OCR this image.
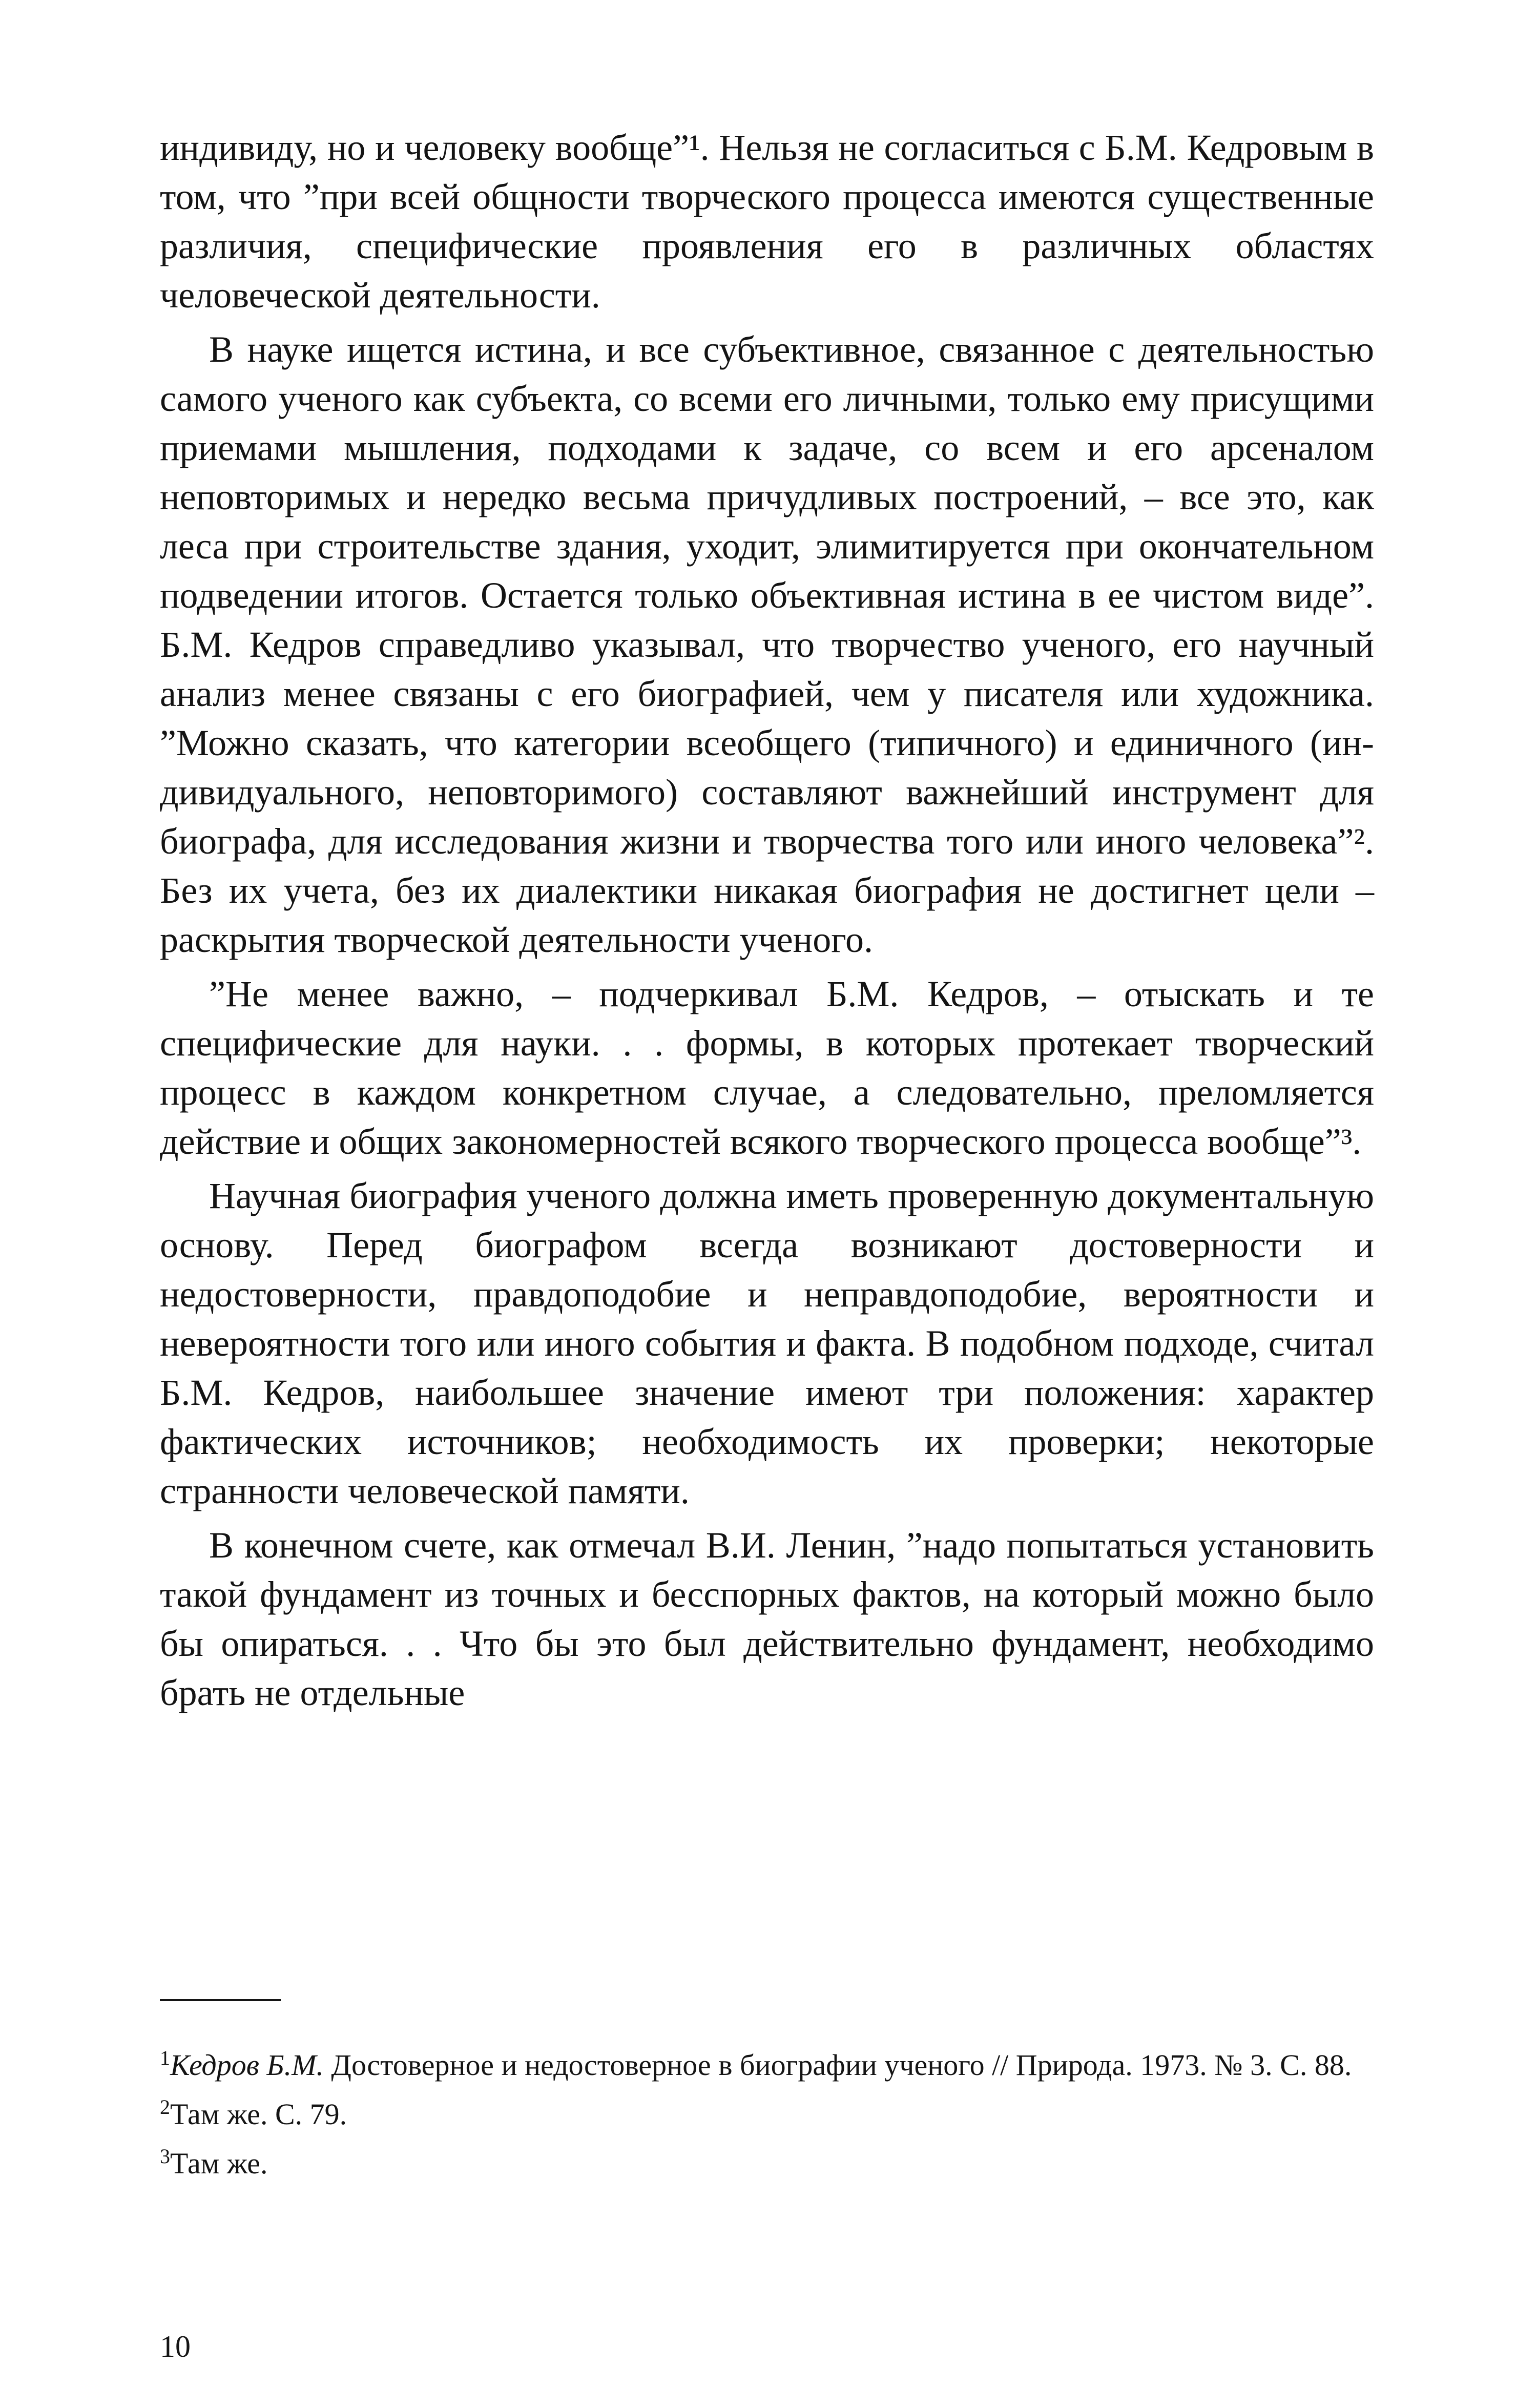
индивиду, но и человеку вообще”¹. Нельзя не согласиться с Б.М. Кедровым в том, что ”при всей общности творческого процесса имеются существенные различия, специфические проявления его в различных областях человеческой деятельности.

В науке ищется истина, и все субъективное, связанное с деятельностью самого ученого как субъекта, со всеми его личными, только ему присущими приемами мышления, подходами к задаче, со всем и его арсеналом неповторимых и нередко весьма причудливых построений, – все это, как леса при строительстве здания, уходит, элимитируется при окончательном подведении итогов. Остается только объективная истина в ее чистом виде”. Б.М. Кедров справедливо указывал, что творчество ученого, его научный анализ менее связаны с его биографией, чем у писателя или художника. ”Можно сказать, что категории всеобщего (типичного) и единичного (индивидуального, неповторимого) составляют важнейший инструмент для биографа, для исследования жизни и творчества того или иного человека”². Без их учета, без их диалектики никакая биография не достигнет цели – раскрытия творческой деятельности ученого.

”Не менее важно, – подчеркивал Б.М. Кедров, – отыскать и те специфические для науки. . . формы, в которых протекает творческий процесс в каждом конкретном случае, а следовательно, преломляется действие и общих закономерностей всякого творческого процесса вообще”³.

Научная биография ученого должна иметь проверенную документальную основу. Перед биографом всегда возникают достоверности и недостоверности, правдоподобие и неправдоподобие, вероятности и невероятности того или иного события и факта. В подобном подходе, считал Б.М. Кедров, наибольшее значение имеют три положения: характер фактических источников; необходимость их проверки; некоторые странности человеческой памяти.

В конечном счете, как отмечал В.И. Ленин, ”надо попытаться установить такой фундамент из точных и бесспорных фактов, на который можно было бы опираться. . . Что бы это был действительно фундамент, необходимо брать не отдельные

$^1$Кедров Б.М. Достоверное и недостоверное в биографии ученого // Природа. 1973. № 3. С. 88.

$^2$Там же. С. 79.

$^3$Там же.

10
